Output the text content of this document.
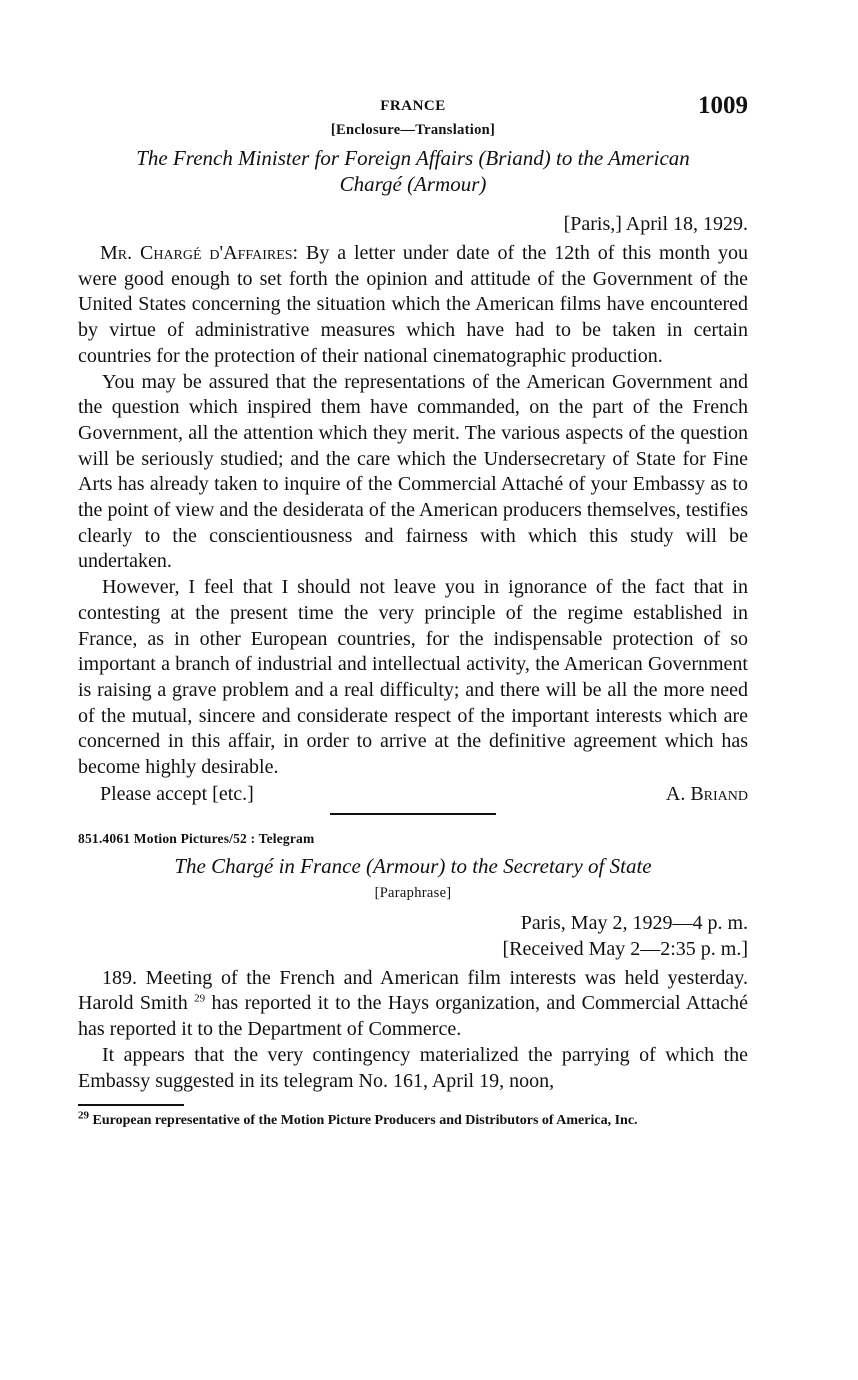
FRANCE	1009
[Enclosure—Translation]
The French Minister for Foreign Affairs (Briand) to the American
Chargé (Armour)
[Paris,] April 18, 1929.

Mr. Chargé d'Affaires: By a letter under date of the 12th of this month you were good enough to set forth the opinion and attitude of the Government of the United States concerning the situation which the American films have encountered by virtue of administrative measures which have had to be taken in certain countries for the protection of their national cinematographic production.

You may be assured that the representations of the American Government and the question which inspired them have commanded, on the part of the French Government, all the attention which they merit. The various aspects of the question will be seriously studied; and the care which the Undersecretary of State for Fine Arts has already taken to inquire of the Commercial Attaché of your Embassy as to the point of view and the desiderata of the American producers themselves, testifies clearly to the conscientiousness and fairness with which this study will be undertaken.

However, I feel that I should not leave you in ignorance of the fact that in contesting at the present time the very principle of the regime established in France, as in other European countries, for the indispensable protection of so important a branch of industrial and intellectual activity, the American Government is raising a grave problem and a real difficulty; and there will be all the more need of the mutual, sincere and considerate respect of the important interests which are concerned in this affair, in order to arrive at the definitive agreement which has become highly desirable.

Please accept [etc.]	A. Briand
851.4061 Motion Pictures/52 : Telegram
The Chargé in France (Armour) to the Secretary of State
[Paraphrase]
Paris, May 2, 1929—4 p. m.
[Received May 2—2:35 p. m.]

189. Meeting of the French and American film interests was held yesterday. Harold Smith $^{29}$ has reported it to the Hays organization, and Commercial Attaché has reported it to the Department of Commerce.

It appears that the very contingency materialized the parrying of which the Embassy suggested in its telegram No. 161, April 19, noon,

$^{29}$ European representative of the Motion Picture Producers and Distributors of America, Inc.
